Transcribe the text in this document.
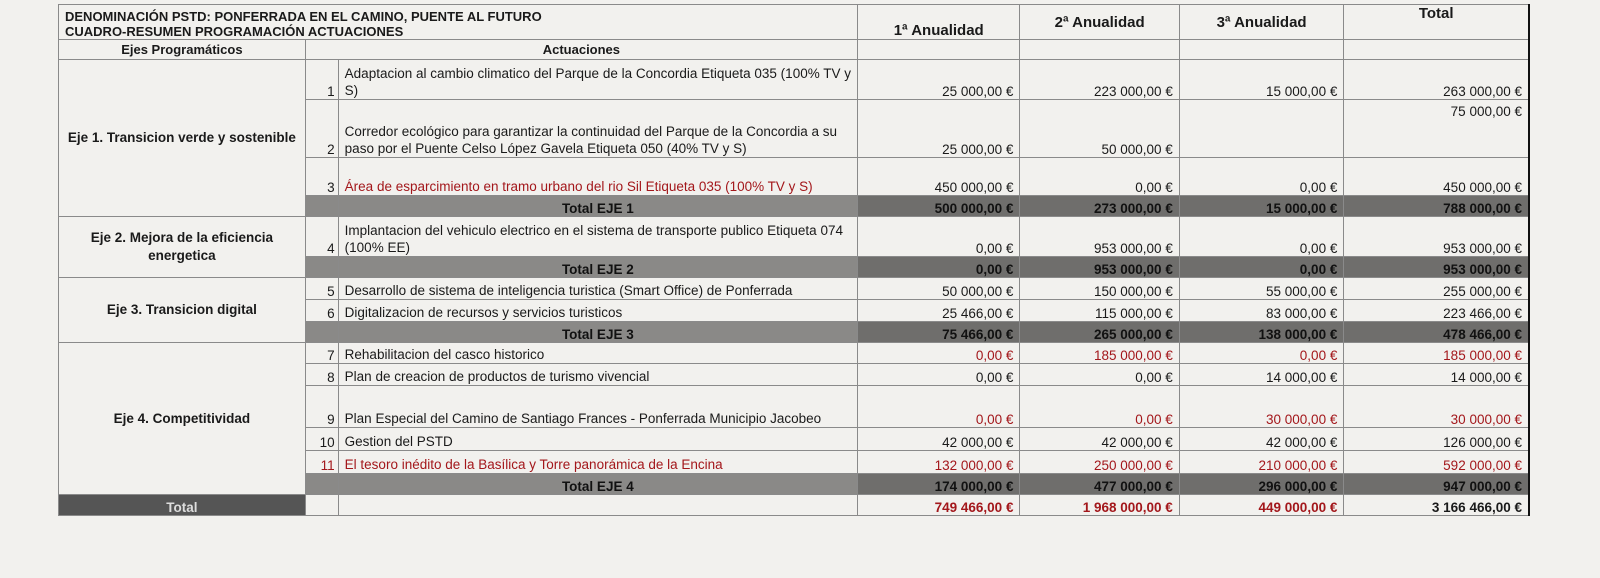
DENOMINACIÓN PSTD: PONFERRADA EN EL CAMINO, PUENTE AL FUTURO
CUADRO-RESUMEN PROGRAMACIÓN ACTUACIONES			1ª Anualidad	2ª Anualidad	3ª Anualidad	Total
Ejes Programáticos	Actuaciones					
Eje 1. Transicion verde y sostenible	1	Adaptacion al cambio climatico del Parque de la Concordia Etiqueta 035 (100% TV y S)	25 000,00 €	223 000,00 €	15 000,00 €	263 000,00 €
	2	Corredor ecológico para garantizar la continuidad del Parque de la Concordia a su paso por el Puente Celso López Gavela Etiqueta 050 (40% TV y S)	25 000,00 €	50 000,00 €		75 000,00 €
	3	Área de esparcimiento en tramo urbano del rio Sil Etiqueta 035 (100% TV y S)	450 000,00 €	0,00 €	0,00 €	450 000,00 €
		Total EJE 1	500 000,00 €	273 000,00 €	15 000,00 €	788 000,00 €
Eje 2. Mejora de la eficiencia energetica	4	Implantacion del vehiculo electrico en el sistema de transporte publico Etiqueta 074 (100% EE)	0,00 €	953 000,00 €	0,00 €	953 000,00 €
		Total EJE 2	0,00 €	953 000,00 €	0,00 €	953 000,00 €
Eje 3. Transicion digital	5	Desarrollo de sistema de inteligencia turistica (Smart Office) de Ponferrada	50 000,00 €	150 000,00 €	55 000,00 €	255 000,00 €
	6	Digitalizacion de recursos y servicios turisticos	25 466,00 €	115 000,00 €	83 000,00 €	223 466,00 €
		Total EJE 3	75 466,00 €	265 000,00 €	138 000,00 €	478 466,00 €
Eje 4. Competitividad	7	Rehabilitacion del casco historico	0,00 €	185 000,00 €	0,00 €	185 000,00 €
	8	Plan de creacion de productos de turismo vivencial	0,00 €	0,00 €	14 000,00 €	14 000,00 €
	9	Plan Especial del Camino de Santiago Frances - Ponferrada Municipio Jacobeo	0,00 €	0,00 €	30 000,00 €	30 000,00 €
	10	Gestion del PSTD	42 000,00 €	42 000,00 €	42 000,00 €	126 000,00 €
	11	El tesoro inédito de la Basílica y Torre panorámica de la Encina	132 000,00 €	250 000,00 €	210 000,00 €	592 000,00 €
		Total EJE 4	174 000,00 €	477 000,00 €	296 000,00 €	947 000,00 €
Total			749 466,00 €	1 968 000,00 €	449 000,00 €	3 166 466,00 €
